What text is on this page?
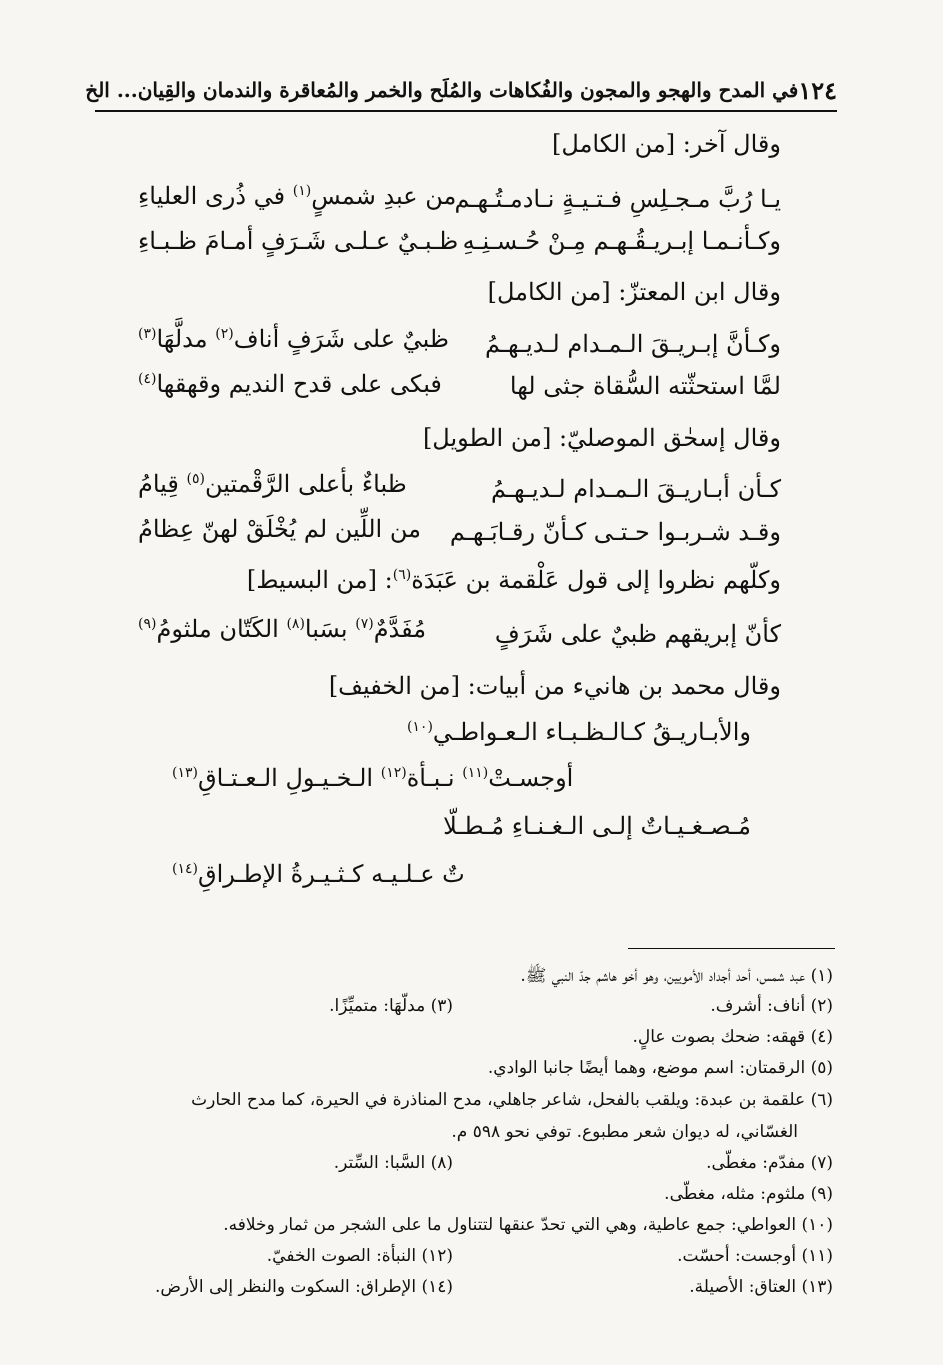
١٢٤
في المدح والهجو والمجون والفُكاهات والمُلَح والخمر والمُعاقرة والندمان والقِيان... الخ
وقال آخر: [من الكامل]
يـا رُبَّ مـجـلِسِ فـتـيـةٍ نـادمـتُـهـم
من عبدِ شمسٍ$^{(١)}$ في ذُرى العلياءِ
وكـأنـمـا إبـريـقُـهـم مِـنْ حُـسـنِـهِ
ظـبـيٌ عـلـى شَـرَفٍ أمـامَ ظـبـاءِ
وقال ابن المعتزّ: [من الكامل]
وكـأنَّ إبـريـقَ الـمـدام لـديـهـمُ
ظبيٌ على شَرَفٍ أناف$^{(٢)}$ مدلَّهَا$^{(٣)}$
لمَّا استحثّته السُّقاة جثى لها
فبكى على قدح النديم وقهقها$^{(٤)}$
وقال إسحٰق الموصليّ: [من الطويل]
كـأن أبـاريـقَ الـمـدام لـديـهـمُ
ظباءٌ بأعلى الرَّقْمتين$^{(٥)}$ قِيامُ
وقـد شـربـوا حـتـى كـأنّ رقـابَـهـم
من اللِّين لم يُخْلَقْ لهنّ عِظامُ
وكلّهم نظروا إلى قول عَلْقمة بن عَبَدَة$^{(٦)}$: [من البسيط]
كأنّ إبريقهم ظبيٌ على شَرَفٍ
مُفَدَّمٌ$^{(٧)}$ بسَبا$^{(٨)}$ الكَتّان ملثومُ$^{(٩)}$
وقال محمد بن هانيء من أبيات: [من الخفيف]
والأبـاريـقُ كـالـظـبـاء الـعـواطـي$^{(١٠)}$
أوجسـتْ$^{(١١)}$ نـبـأة$^{(١٢)}$ الـخـيـولِ الـعـتـاقِ$^{(١٣)}$
مُـصـغـيـاتٌ إلـى الـغـنـاءِ مُـطـلّا
تٌ عـلـيـه كـثـيـرةُ الإطـراقِ$^{(١٤)}$
(١) عبد شمس، أحد أجداد الأمويين، وهو أخو هاشم جدّ النبي ﷺ.
(٢) أناف: أشرف.
(٣) مدلّهَا: متميِّزًا.
(٤) قهقه: ضحك بصوت عالٍ.
(٥) الرقمتان: اسم موضع، وهما أيضًا جانبا الوادي.
(٦) علقمة بن عبدة: ويلقب بالفحل، شاعر جاهلي، مدح المناذرة في الحيرة، كما مدح الحارث
الغسّاني، له ديوان شعر مطبوع. توفي نحو ٥٩٨ م.
(٧) مفدّم: مغطّى.
(٨) السَّبا: السِّتر.
(٩) ملثوم: مثله، مغطّى.
(١٠) العواطي: جمع عاطية، وهي التي تحدّ عنقها لتتناول ما على الشجر من ثمار وخلافه.
(١١) أوجست: أحسّت.
(١٢) النبأة: الصوت الخفيّ.
(١٣) العتاق: الأصيلة.
(١٤) الإطراق: السكوت والنظر إلى الأرض.
